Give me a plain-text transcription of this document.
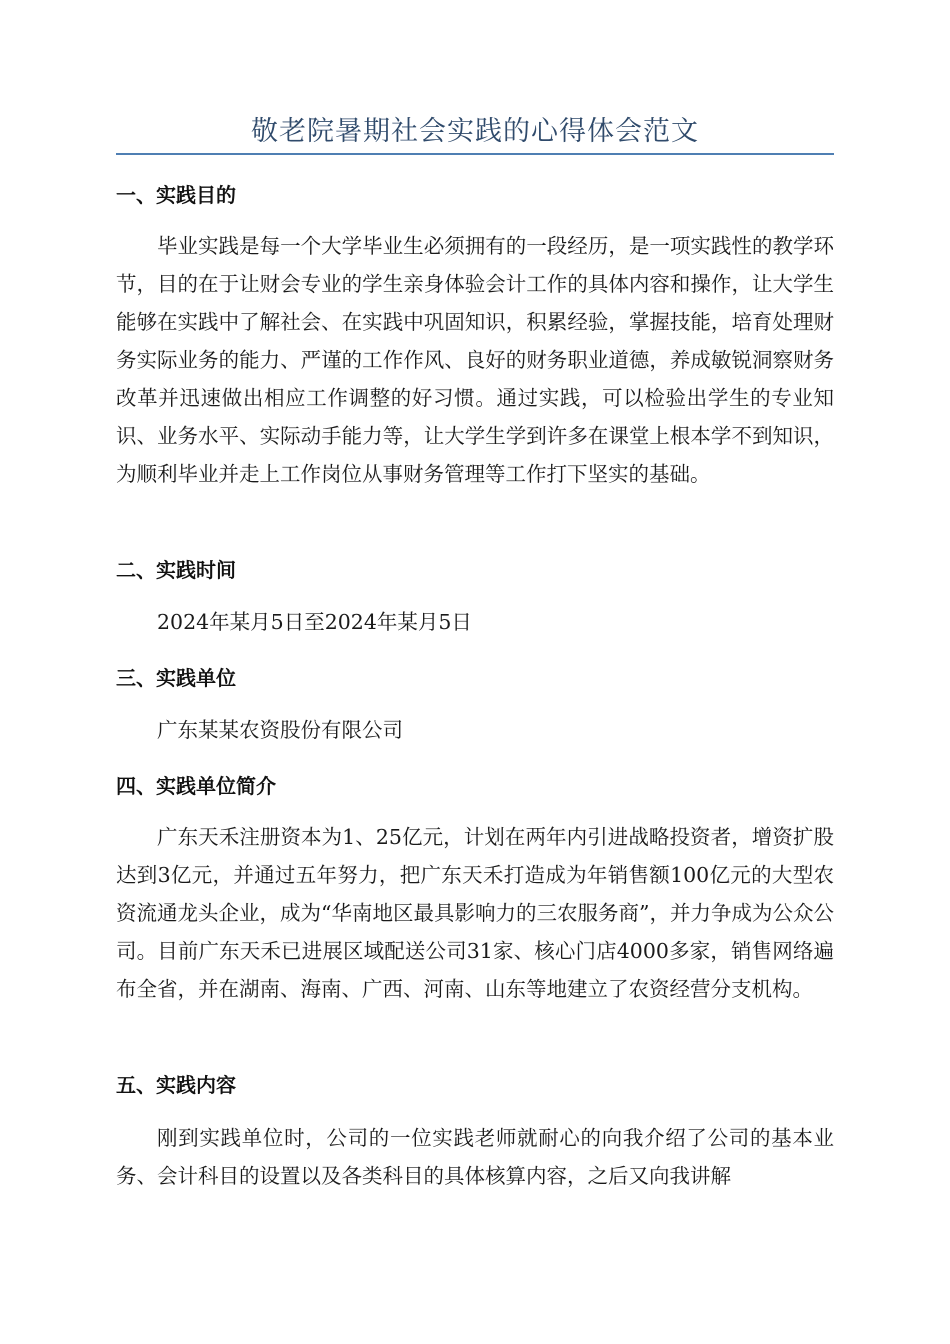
敬老院暑期社会实践的心得体会范文
一、实践目的

毕业实践是每一个大学毕业生必须拥有的一段经历，是一项实践性的教学环节，目的在于让财会专业的学生亲身体验会计工作的具体内容和操作，让大学生能够在实践中了解社会、在实践中巩固知识，积累经验，掌握技能，培育处理财务实际业务的能力、严谨的工作作风、良好的财务职业道德，养成敏锐洞察财务改革并迅速做出相应工作调整的好习惯。通过实践，可以检验出学生的专业知识、业务水平、实际动手能力等，让大学生学到许多在课堂上根本学不到知识，为顺利毕业并走上工作岗位从事财务管理等工作打下坚实的基础。

二、实践时间

2024年某月5日至2024年某月5日

三、实践单位

广东某某农资股份有限公司

四、实践单位简介

广东天禾注册资本为1、25亿元，计划在两年内引进战略投资者，增资扩股达到3亿元，并通过五年努力，把广东天禾打造成为年销售额100亿元的大型农资流通龙头企业，成为“华南地区最具影响力的三农服务商”，并力争成为公众公司。目前广东天禾已进展区域配送公司31家、核心门店4000多家，销售网络遍布全省，并在湖南、海南、广西、河南、山东等地建立了农资经营分支机构。

五、实践内容

刚到实践单位时，公司的一位实践老师就耐心的向我介绍了公司的基本业务、会计科目的设置以及各类科目的具体核算内容，之后又向我讲解
